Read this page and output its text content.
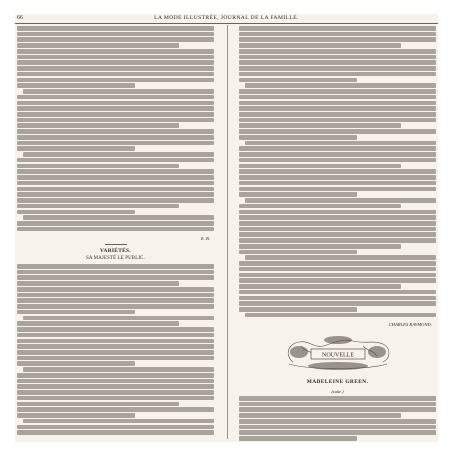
66	LA MODE ILLUSTRÉE, JOURNAL DE LA FAMILLE.
E. B.
VARIÉTÉS.
SA MAJESTÉ LE PUBLIC.
CHARLES RAYMOND.
NOUVELLE
MADELEINE GREEN.
(suite.)
